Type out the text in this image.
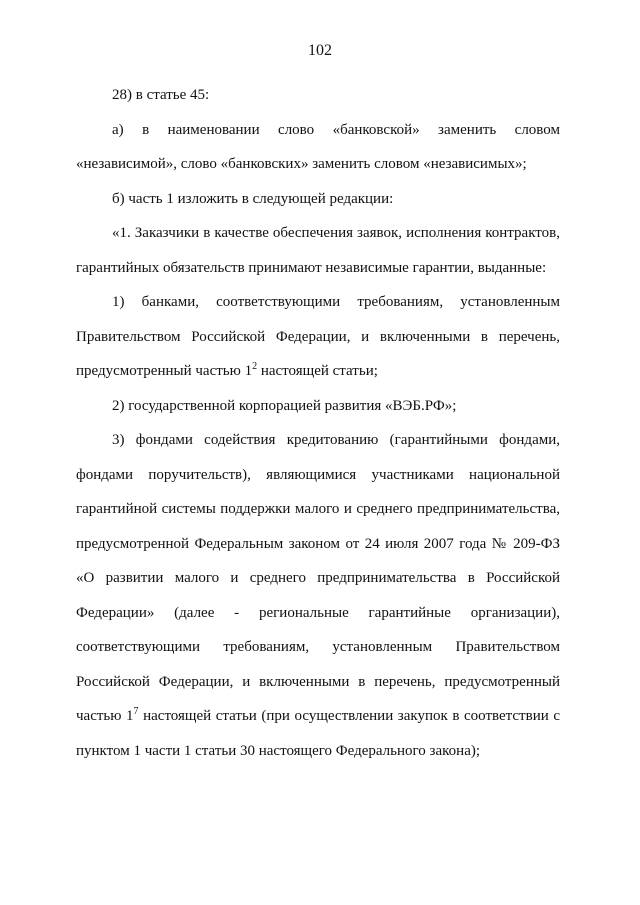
102

28) в статье 45:

а) в наименовании слово «банковской» заменить словом «независимой», слово «банковских» заменить словом «независимых»;

б) часть 1 изложить в следующей редакции:

«1. Заказчики в качестве обеспечения заявок, исполнения контрактов, гарантийных обязательств принимают независимые гарантии, выданные:

1) банками, соответствующими требованиям, установленным Правительством Российской Федерации, и включенными в перечень, предусмотренный частью $1^2$ настоящей статьи;

2) государственной корпорацией развития «ВЭБ.РФ»;

3) фондами содействия кредитованию (гарантийными фондами, фондами поручительств), являющимися участниками национальной гарантийной системы поддержки малого и среднего предпринимательства, предусмотренной Федеральным законом от 24 июля 2007 года № 209-ФЗ «О развитии малого и среднего предпринимательства в Российской Федерации» (далее - региональные гарантийные организации), соответствующими требованиям, установленным Правительством Российской Федерации, и включенными в перечень, предусмотренный частью $1^7$ настоящей статьи (при осуществлении закупок в соответствии с пунктом 1 части 1 статьи 30 настоящего Федерального закона);
